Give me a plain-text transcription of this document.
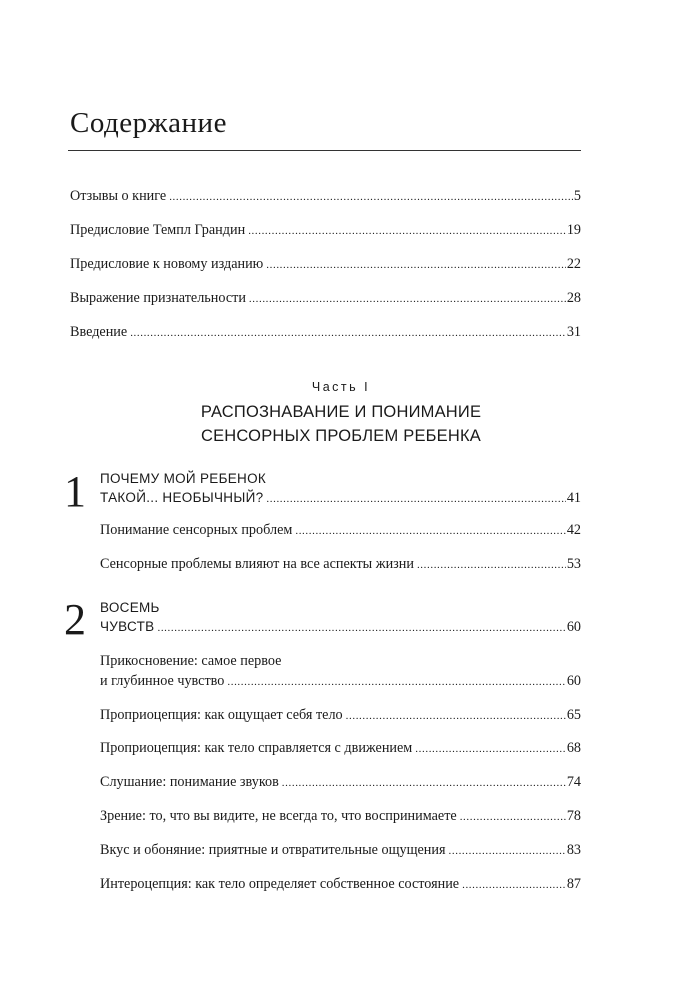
Содержание
Отзывы о книге .....	5
Предисловие Темпл Грандин .....	19
Предисловие к новому изданию .....	22
Выражение признательности .....	28
Введение .....	31
Часть I
РАСПОЗНАВАНИЕ И ПОНИМАНИЕ
СЕНСОРНЫХ ПРОБЛЕМ РЕБЕНКА
1 ПОЧЕМУ МОЙ РЕБЕНОК
ТАКОЙ... НЕОБЫЧНЫЙ? .....	41
Понимание сенсорных проблем .....	42
Сенсорные проблемы влияют на все аспекты жизни .....	53
2 ВОСЕМЬ
ЧУВСТВ .....	60
Прикосновение: самое первое
и глубинное чувство .....	60
Проприоцепция: как ощущает себя тело .....	65
Проприоцепция: как тело справляется с движением .....	68
Слушание: понимание звуков .....	74
Зрение: то, что вы видите, не всегда то, что воспринимаете .....	78
Вкус и обоняние: приятные и отвратительные ощущения .....	83
Интероцепция: как тело определяет собственное состояние .....	87
